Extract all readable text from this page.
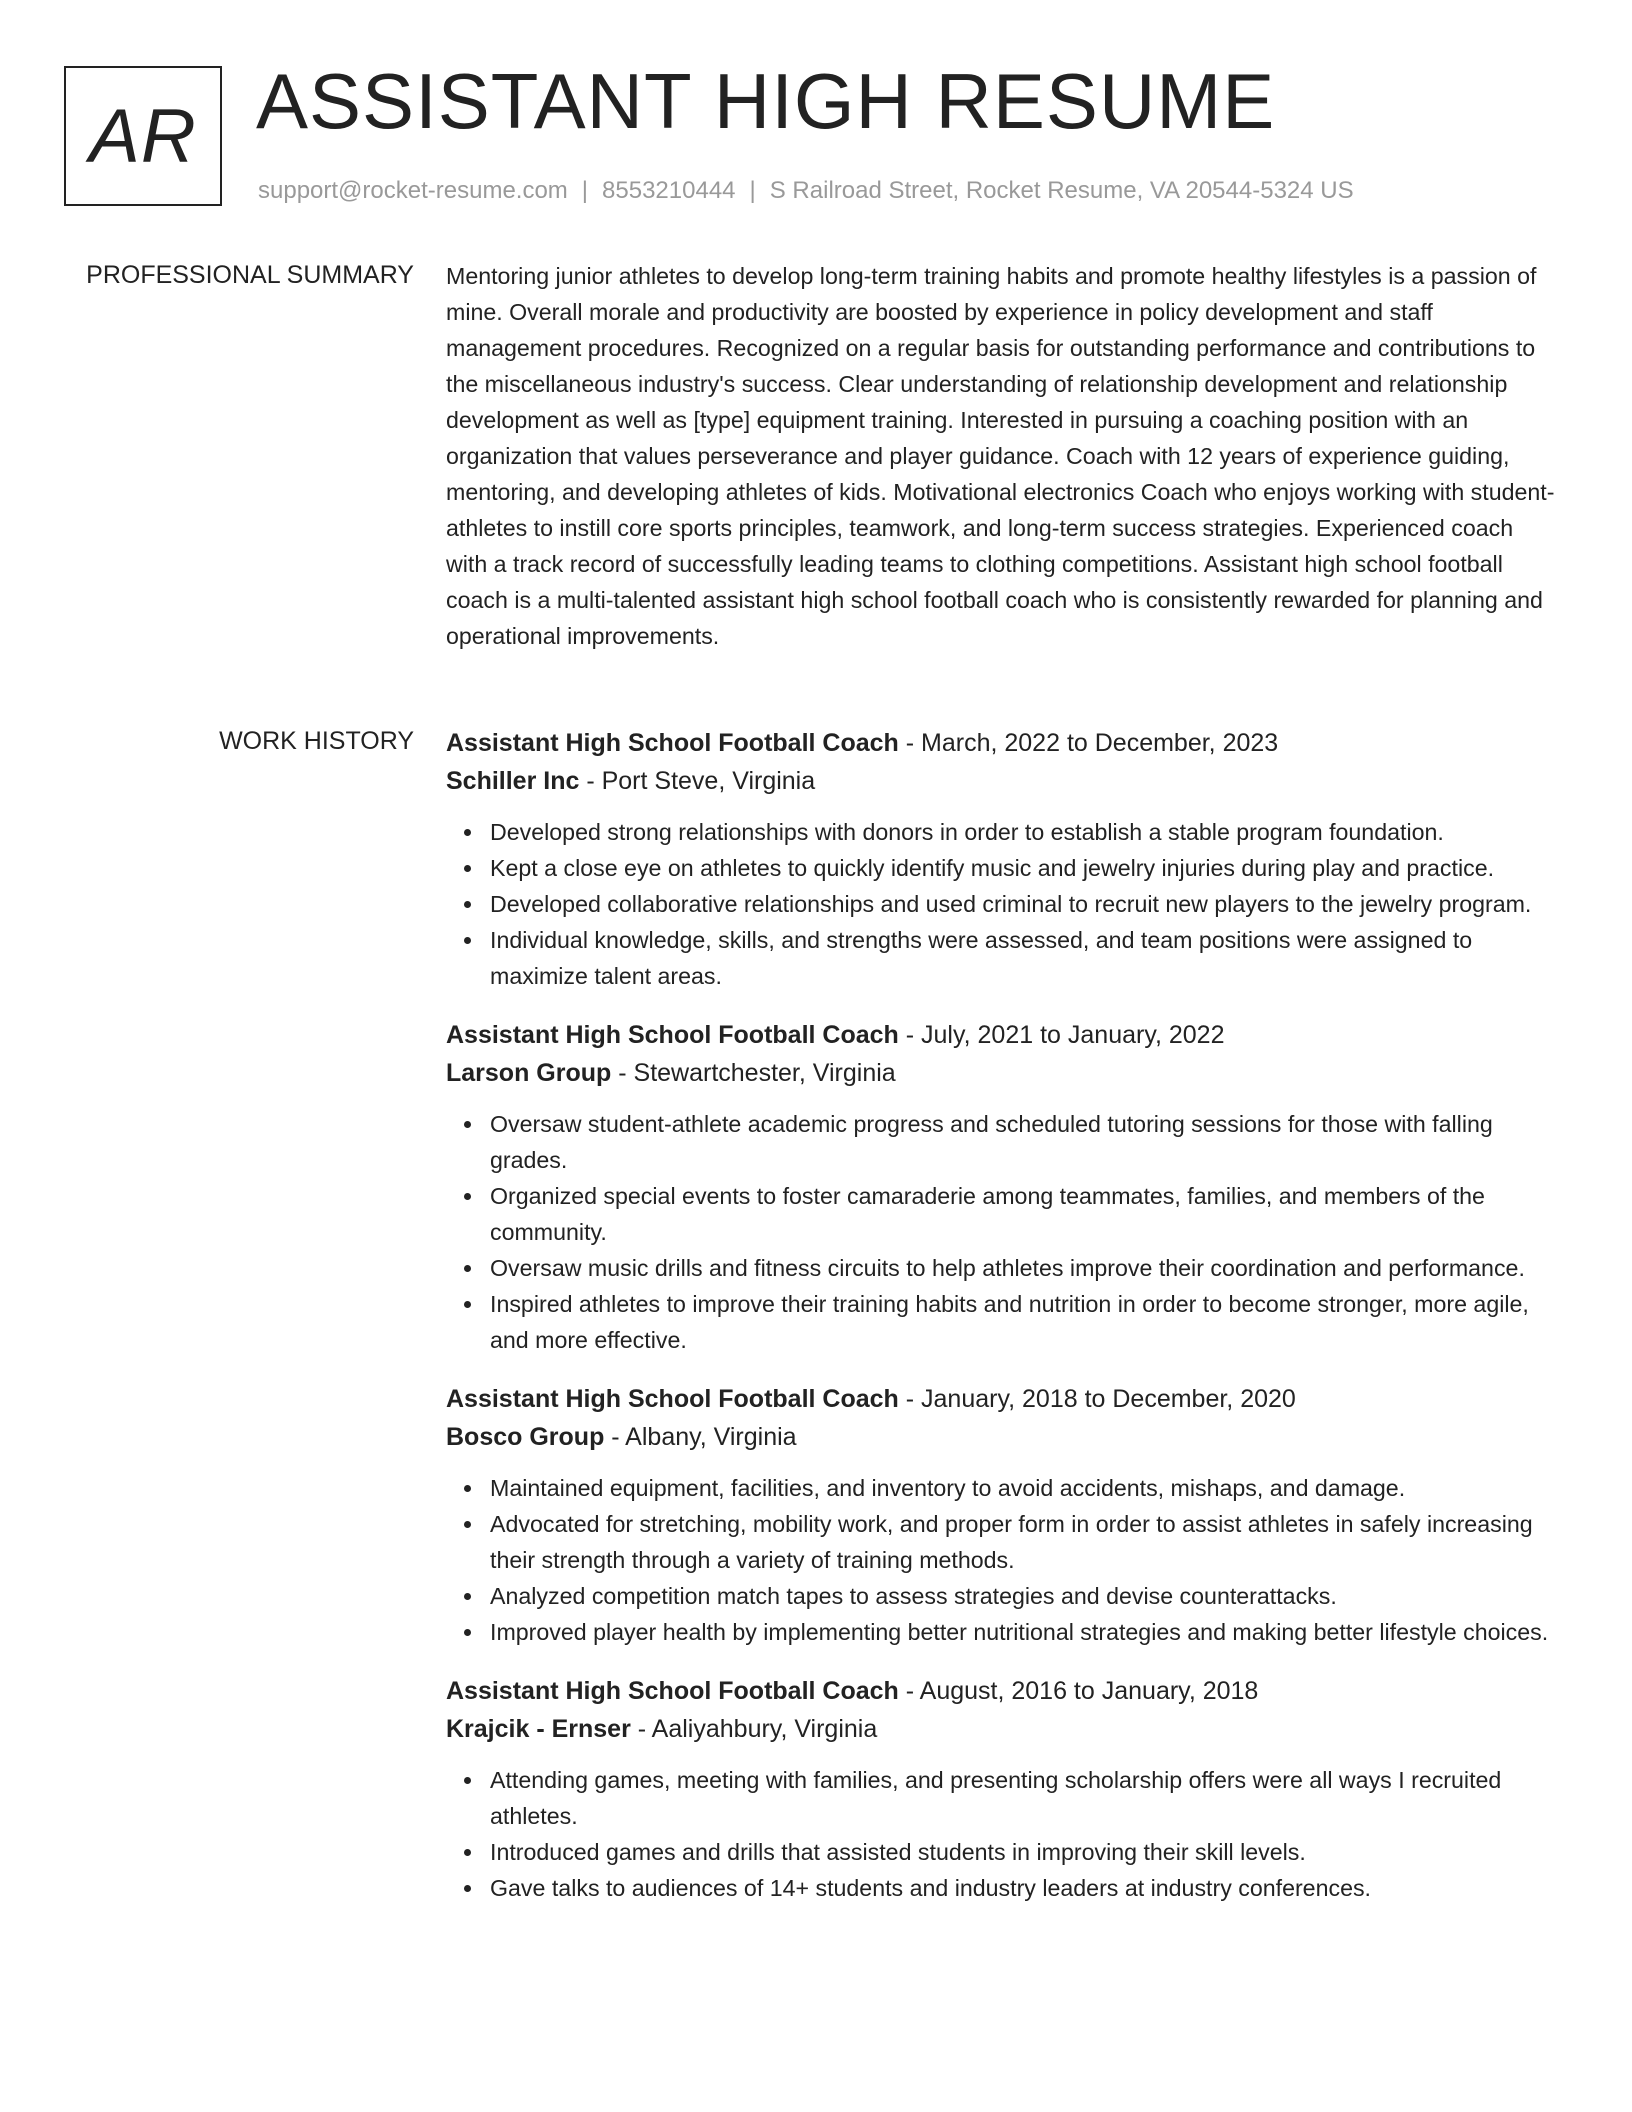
AR ASSISTANT HIGH RESUME
support@rocket-resume.com | 8553210444 | S Railroad Street, Rocket Resume, VA 20544-5324 US
PROFESSIONAL SUMMARY Mentoring junior athletes to develop long-term training habits and promote healthy lifestyles is a passion of mine. Overall morale and productivity are boosted by experience in policy development and staff management procedures. Recognized on a regular basis for outstanding performance and contributions to the miscellaneous industry's success. Clear understanding of relationship development and relationship development as well as [type] equipment training. Interested in pursuing a coaching position with an organization that values perseverance and player guidance. Coach with 12 years of experience guiding, mentoring, and developing athletes of kids. Motivational electronics Coach who enjoys working with student-athletes to instill core sports principles, teamwork, and long-term success strategies. Experienced coach with a track record of successfully leading teams to clothing competitions. Assistant high school football coach is a multi-talented assistant high school football coach who is consistently rewarded for planning and operational improvements.
WORK HISTORY Assistant High School Football Coach - March, 2022 to December, 2023
Schiller Inc - Port Steve, Virginia
Developed strong relationships with donors in order to establish a stable program foundation.
Kept a close eye on athletes to quickly identify music and jewelry injuries during play and practice.
Developed collaborative relationships and used criminal to recruit new players to the jewelry program.
Individual knowledge, skills, and strengths were assessed, and team positions were assigned to maximize talent areas.
Assistant High School Football Coach - July, 2021 to January, 2022
Larson Group - Stewartchester, Virginia
Oversaw student-athlete academic progress and scheduled tutoring sessions for those with falling grades.
Organized special events to foster camaraderie among teammates, families, and members of the community.
Oversaw music drills and fitness circuits to help athletes improve their coordination and performance.
Inspired athletes to improve their training habits and nutrition in order to become stronger, more agile, and more effective.
Assistant High School Football Coach - January, 2018 to December, 2020
Bosco Group - Albany, Virginia
Maintained equipment, facilities, and inventory to avoid accidents, mishaps, and damage.
Advocated for stretching, mobility work, and proper form in order to assist athletes in safely increasing their strength through a variety of training methods.
Analyzed competition match tapes to assess strategies and devise counterattacks.
Improved player health by implementing better nutritional strategies and making better lifestyle choices.
Assistant High School Football Coach - August, 2016 to January, 2018
Krajcik - Ernser - Aaliyahbury, Virginia
Attending games, meeting with families, and presenting scholarship offers were all ways I recruited athletes.
Introduced games and drills that assisted students in improving their skill levels.
Gave talks to audiences of 14+ students and industry leaders at industry conferences.
